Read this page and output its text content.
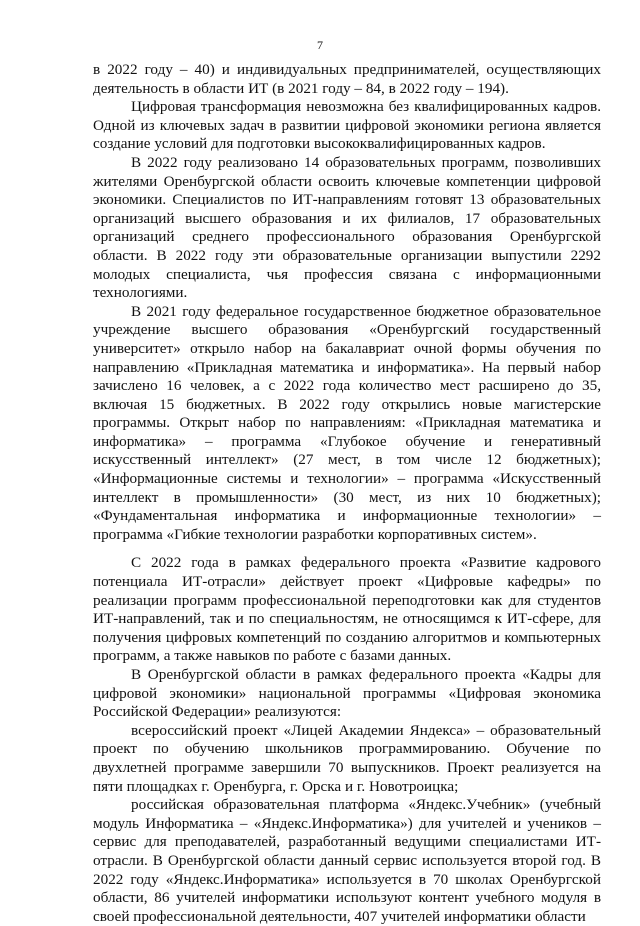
7

в 2022 году – 40) и индивидуальных предпринимателей, осуществляющих деятельность в области ИТ (в 2021 году – 84, в 2022 году – 194).

Цифровая трансформация невозможна без квалифицированных кадров. Одной из ключевых задач в развитии цифровой экономики региона является создание условий для подготовки высококвалифицированных кадров.

В 2022 году реализовано 14 образовательных программ, позволивших жителями Оренбургской области освоить ключевые компетенции цифровой экономики. Специалистов по ИТ-направлениям готовят 13 образовательных организаций высшего образования и их филиалов, 17 образовательных организаций среднего профессионального образования Оренбургской области. В 2022 году эти образовательные организации выпустили 2292 молодых специалиста, чья профессия связана с информационными технологиями.

В 2021 году федеральное государственное бюджетное образовательное учреждение высшего образования «Оренбургский государственный университет» открыло набор на бакалавриат очной формы обучения по направлению «Прикладная математика и информатика». На первый набор зачислено 16 человек, а с 2022 года количество мест расширено до 35, включая 15 бюджетных. В 2022 году открылись новые магистерские программы. Открыт набор по направлениям: «Прикладная математика и информатика» – программа «Глубокое обучение и генеративный искусственный интеллект» (27 мест, в том числе 12 бюджетных); «Информационные системы и технологии» – программа «Искусственный интеллект в промышленности» (30 мест, из них 10 бюджетных); «Фундаментальная информатика и информационные технологии» – программа «Гибкие технологии разработки корпоративных систем».

С 2022 года в рамках федерального проекта «Развитие кадрового потенциала ИТ-отрасли» действует проект «Цифровые кафедры» по реализации программ профессиональной переподготовки как для студентов ИТ-направлений, так и по специальностям, не относящимся к ИТ-сфере, для получения цифровых компетенций по созданию алгоритмов и компьютерных программ, а также навыков по работе с базами данных.

В Оренбургской области в рамках федерального проекта «Кадры для цифровой экономики» национальной программы «Цифровая экономика Российской Федерации» реализуются:

всероссийский проект «Лицей Академии Яндекса» – образовательный проект по обучению школьников программированию. Обучение по двухлетней программе завершили 70 выпускников. Проект реализуется на пяти площадках г. Оренбурга, г. Орска и г. Новотроицка;

российская образовательная платформа «Яндекс.Учебник» (учебный модуль Информатика – «Яндекс.Информатика») для учителей и учеников – сервис для преподавателей, разработанный ведущими специалистами ИТ-отрасли. В Оренбургской области данный сервис используется второй год. В 2022 году «Яндекс.Информатика» используется в 70 школах Оренбургской области, 86 учителей информатики используют контент учебного модуля в своей профессиональной деятельности, 407 учителей информатики области
